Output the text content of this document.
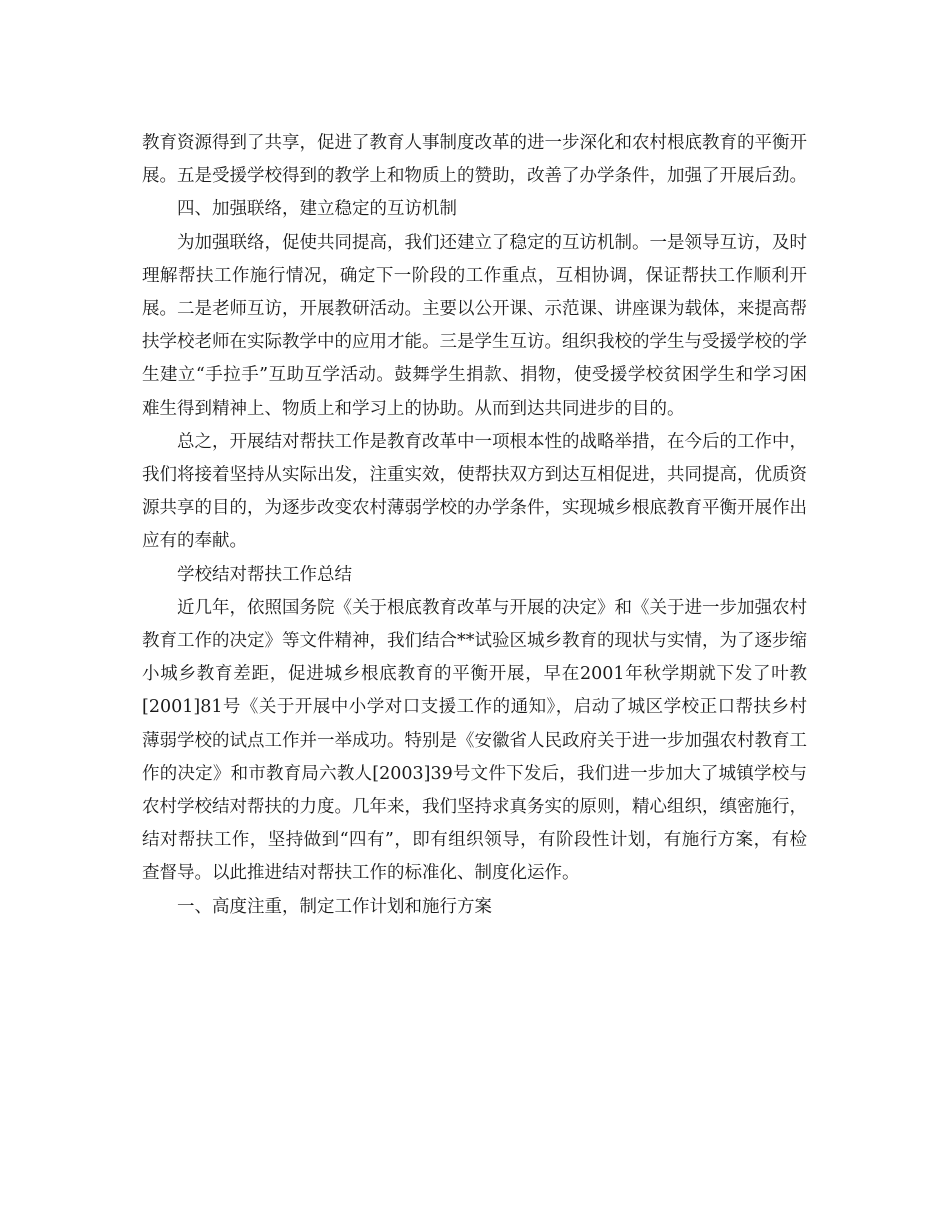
教育资源得到了共享，促进了教育人事制度改革的进一步深化和农村根底教育的平衡开展。五是受援学校得到的教学上和物质上的赞助，改善了办学条件，加强了开展后劲。

四、加强联络，建立稳定的互访机制

为加强联络，促使共同提高，我们还建立了稳定的互访机制。一是领导互访，及时理解帮扶工作施行情况，确定下一阶段的工作重点，互相协调，保证帮扶工作顺利开展。二是老师互访，开展教研活动。主要以公开课、示范课、讲座课为载体，来提高帮扶学校老师在实际教学中的应用才能。三是学生互访。组织我校的学生与受援学校的学生建立“手拉手”互助互学活动。鼓舞学生捐款、捐物，使受援学校贫困学生和学习困难生得到精神上、物质上和学习上的协助。从而到达共同进步的目的。

总之，开展结对帮扶工作是教育改革中一项根本性的战略举措，在今后的工作中，我们将接着坚持从实际出发，注重实效，使帮扶双方到达互相促进，共同提高，优质资源共享的目的，为逐步改变农村薄弱学校的办学条件，实现城乡根底教育平衡开展作出应有的奉献。

学校结对帮扶工作总结

近几年，依照国务院《关于根底教育改革与开展的决定》和《关于进一步加强农村教育工作的决定》等文件精神，我们结合**试验区城乡教育的现状与实情，为了逐步缩小城乡教育差距，促进城乡根底教育的平衡开展，早在2001年秋学期就下发了叶教[2001]81号《关于开展中小学对口支援工作的通知》，启动了城区学校正口帮扶乡村薄弱学校的试点工作并一举成功。特别是《安徽省人民政府关于进一步加强农村教育工作的决定》和市教育局六教人[2003]39号文件下发后，我们进一步加大了城镇学校与农村学校结对帮扶的力度。几年来，我们坚持求真务实的原则，精心组织，缜密施行，结对帮扶工作，坚持做到“四有”，即有组织领导，有阶段性计划，有施行方案，有检查督导。以此推进结对帮扶工作的标准化、制度化运作。

一、高度注重，制定工作计划和施行方案
